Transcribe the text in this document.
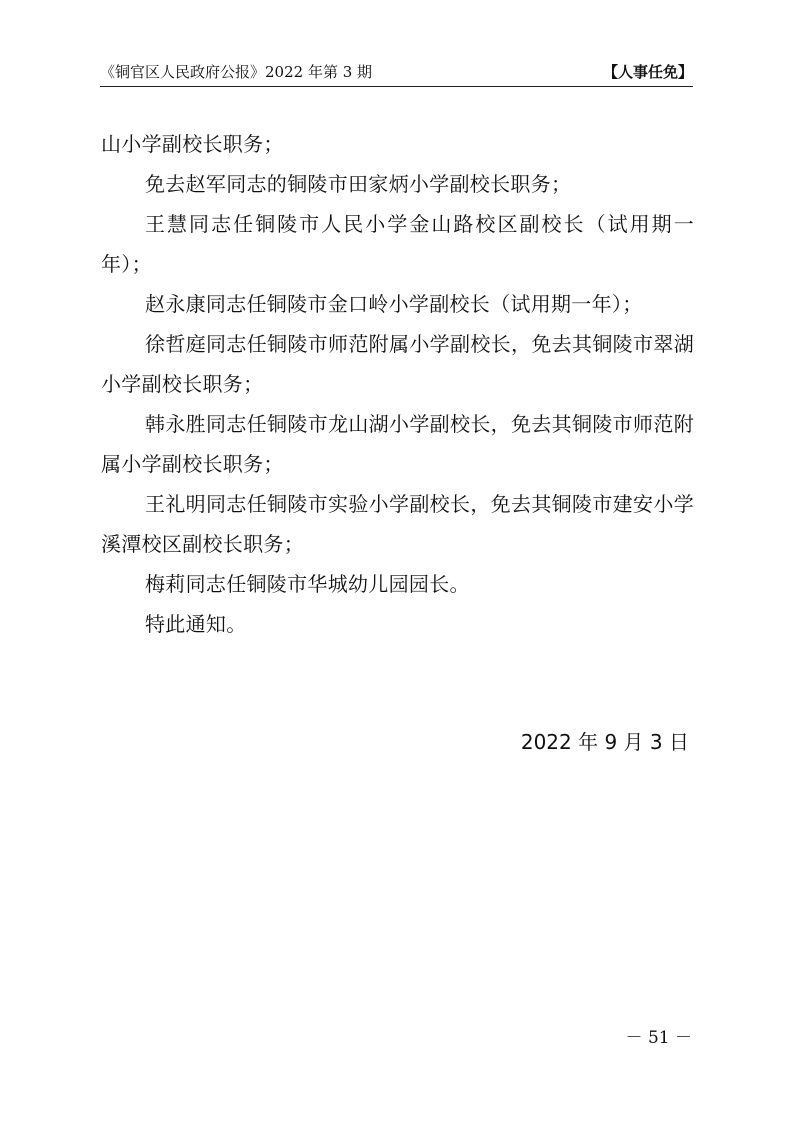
《铜官区人民政府公报》2022 年第 3 期	【人事任免】

山小学副校长职务；

免去赵军同志的铜陵市田家炳小学副校长职务；

王慧同志任铜陵市人民小学金山路校区副校长（试用期一年）；

赵永康同志任铜陵市金口岭小学副校长（试用期一年）；

徐哲庭同志任铜陵市师范附属小学副校长，免去其铜陵市翠湖小学副校长职务；

韩永胜同志任铜陵市龙山湖小学副校长，免去其铜陵市师范附属小学副校长职务；

王礼明同志任铜陵市实验小学副校长，免去其铜陵市建安小学溪潭校区副校长职务；

梅莉同志任铜陵市华城幼儿园园长。

特此通知。

2022 年 9 月 3 日
－ 51 －
